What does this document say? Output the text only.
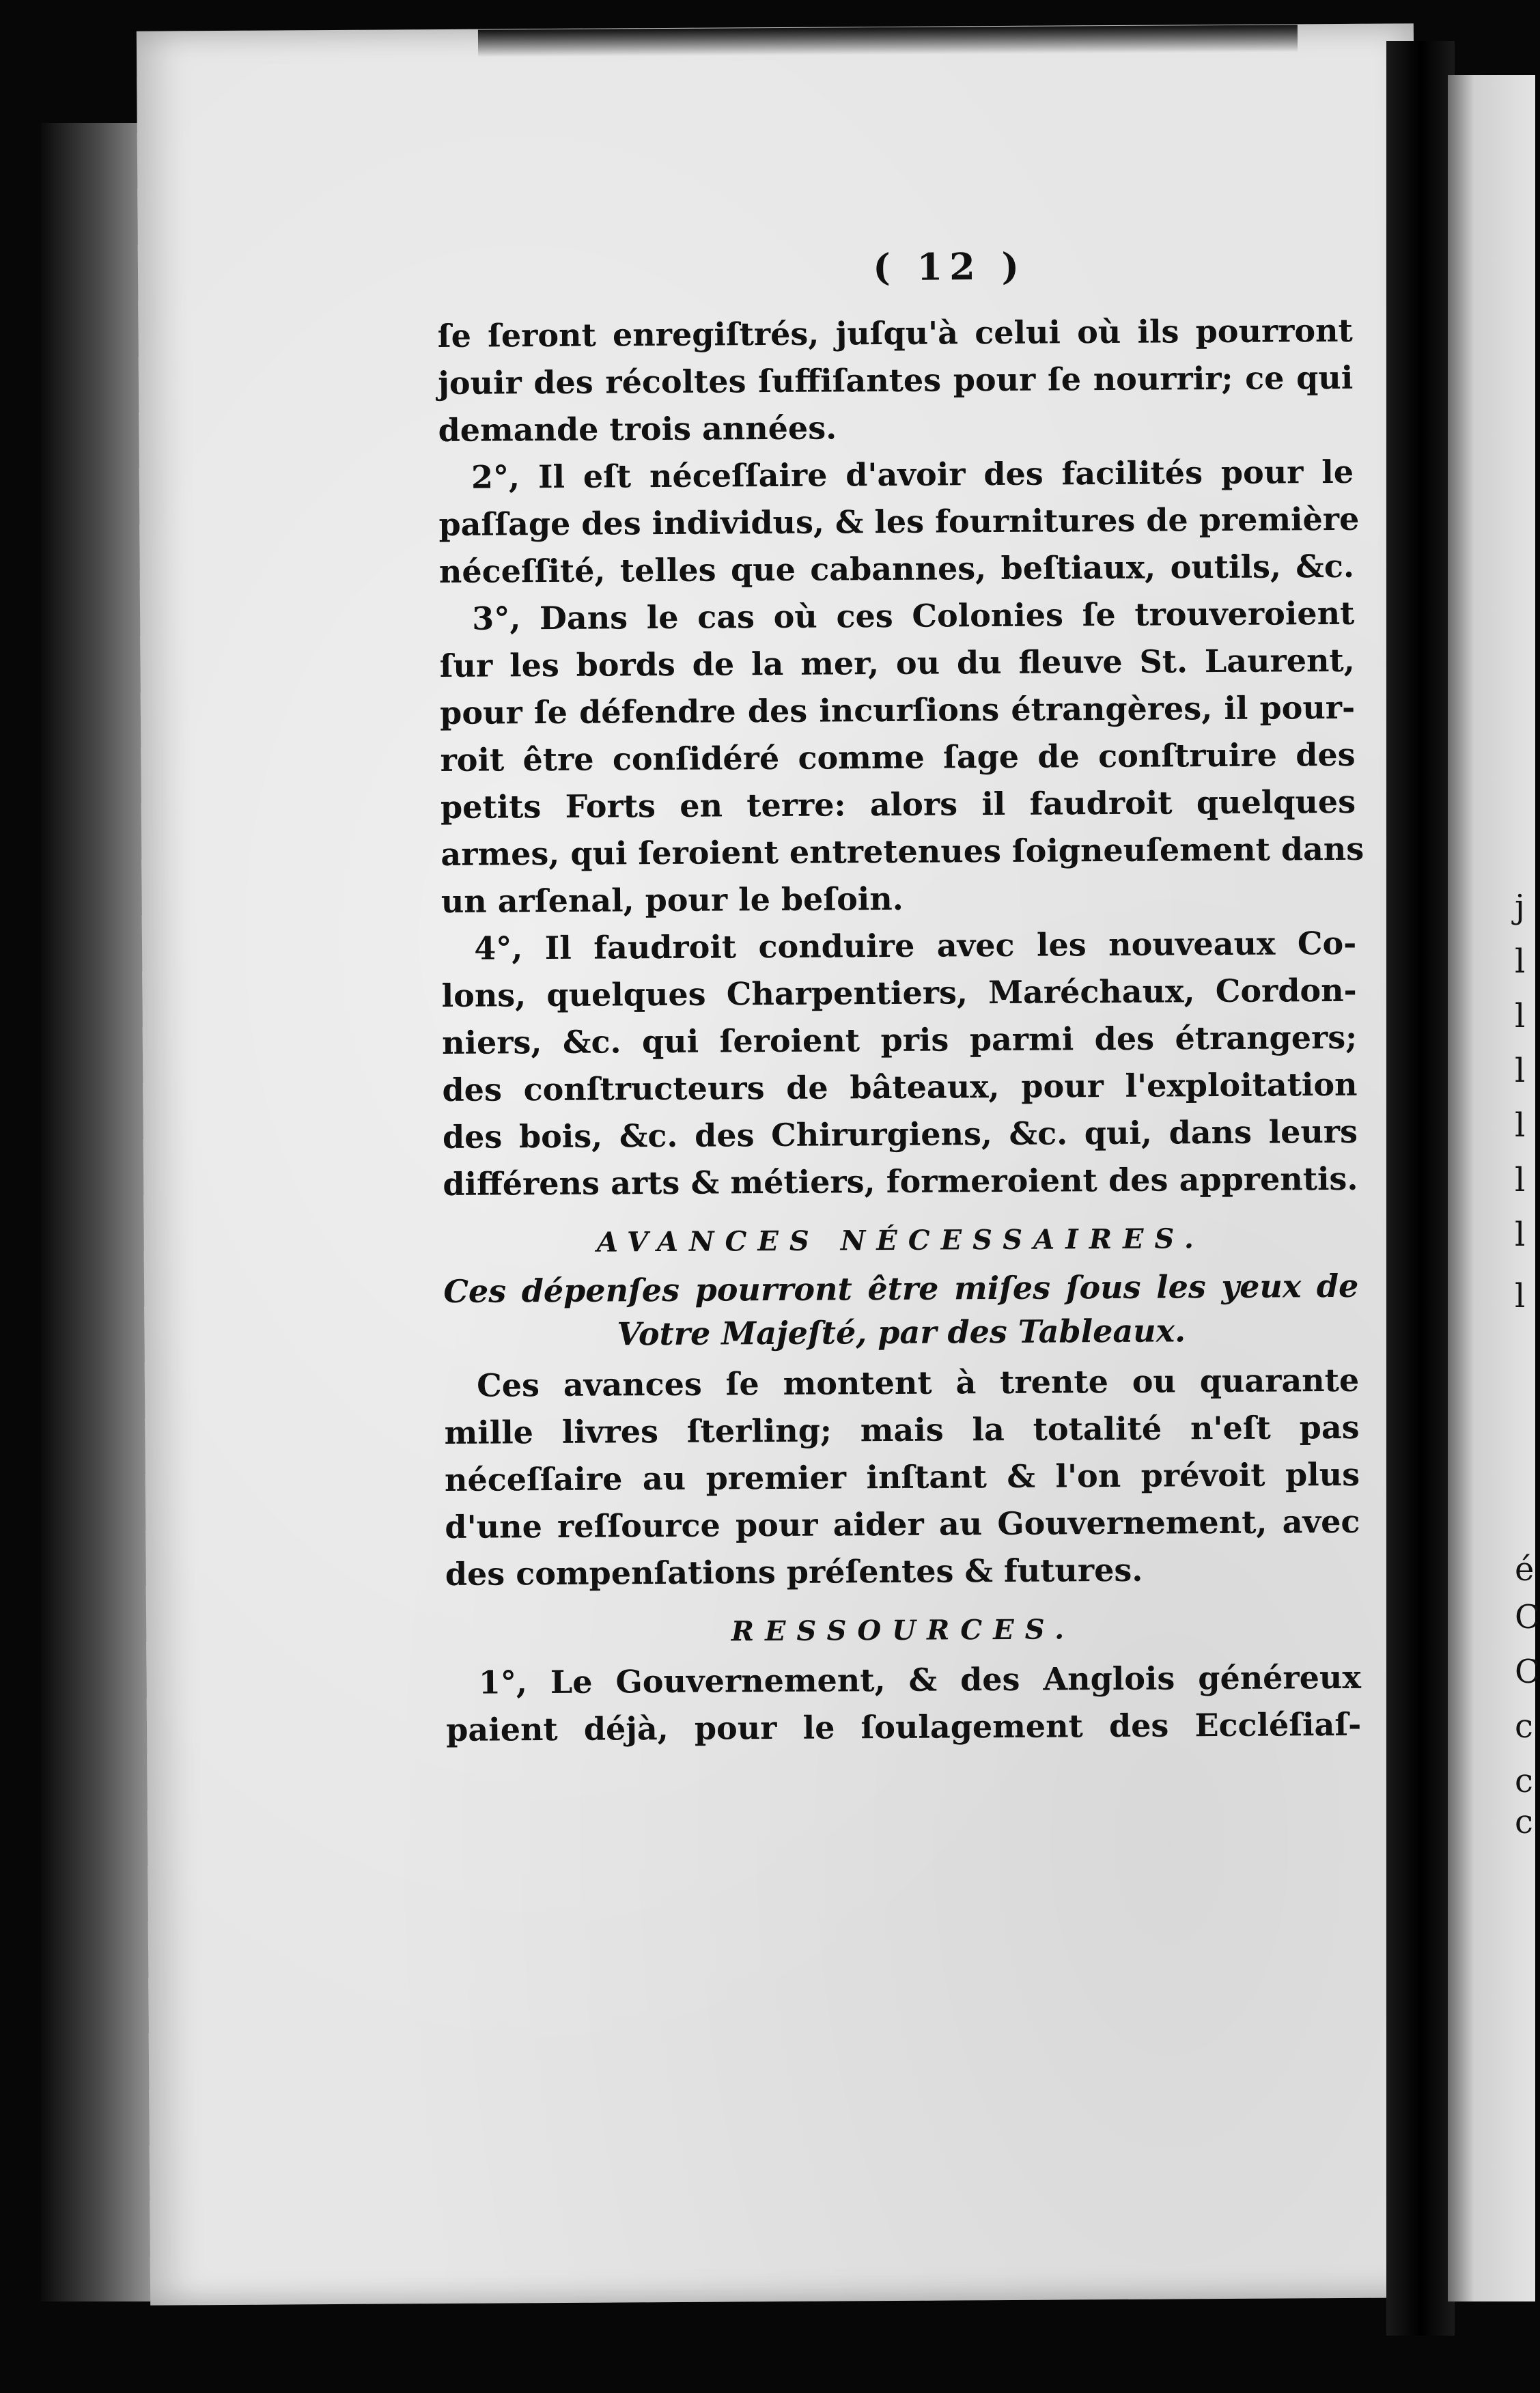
j
l
l
l
l
l
l
l
é
C
C
c
c
c
( 12 )
ſe ſeront enregiſtrés, juſqu'à celui où ils pourront
jouir des récoltes ſuffiſantes pour ſe nourrir; ce qui
demande trois années.
2°, Il eſt néceſſaire d'avoir des facilités pour le
paſſage des individus, & les fournitures de première
néceſſité, telles que cabannes, beſtiaux, outils, &c.
3°, Dans le cas où ces Colonies ſe trouveroient
ſur les bords de la mer, ou du fleuve St. Laurent,
pour ſe défendre des incurſions étrangères, il pour-
roit être conſidéré comme ſage de conſtruire des
petits Forts en terre: alors il faudroit quelques
armes, qui ſeroient entretenues ſoigneuſement dans
un arſenal, pour le beſoin.
4°, Il faudroit conduire avec les nouveaux Co-
lons, quelques Charpentiers, Maréchaux, Cordon-
niers, &c. qui ſeroient pris parmi des étrangers;
des conſtructeurs de bâteaux, pour l'exploitation
des bois, &c. des Chirurgiens, &c. qui, dans leurs
différens arts & métiers, formeroient des apprentis.
AVANCES NÉCESSAIRES.
Ces dépenſes pourront être miſes ſous les yeux de
Votre Majeſté, par des Tableaux.
Ces avances ſe montent à trente ou quarante
mille livres ſterling; mais la totalité n'eſt pas
néceſſaire au premier inſtant & l'on prévoit plus
d'une reſſource pour aider au Gouvernement, avec
des compenſations préſentes & futures.
RESSOURCES.
1°, Le Gouvernement, & des Anglois généreux
paient déjà, pour le ſoulagement des Eccléſiaſ-
